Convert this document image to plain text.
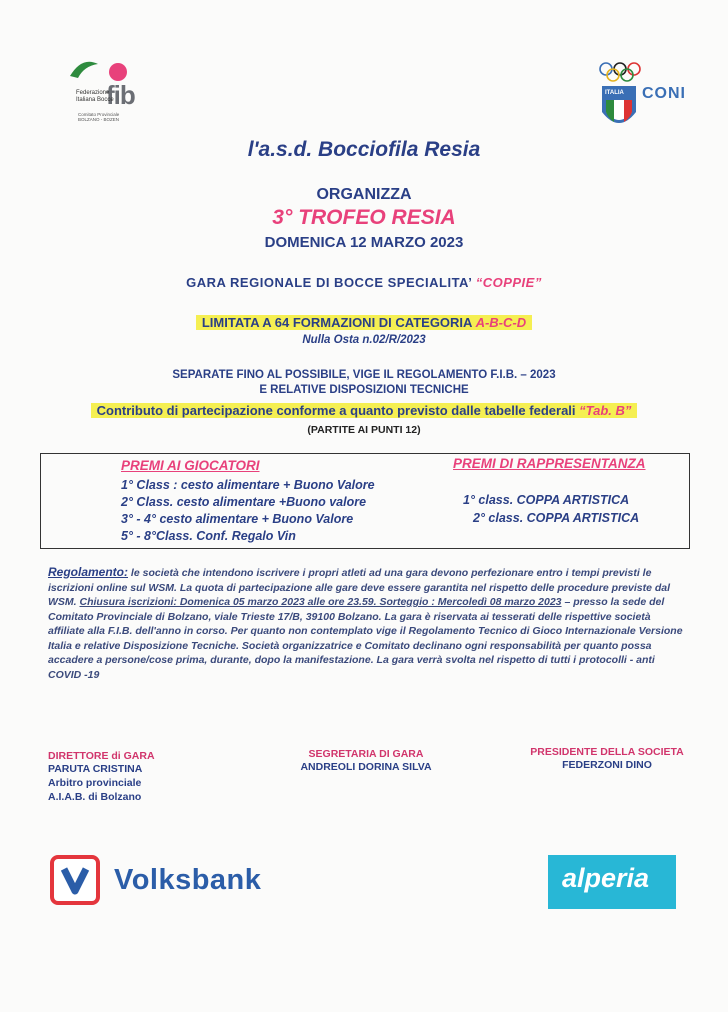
fib
Federazione
Italiana Bocce
Comitato Provinciale
BOLZANO - BOZEN
ITALIA CONI
l'a.s.d. Bocciofila Resia
ORGANIZZA
3° TROFEO RESIA
DOMENICA 12 MARZO 2023
GARA REGIONALE DI BOCCE SPECIALITA’ “COPPIE”
LIMITATA A 64 FORMAZIONI DI CATEGORIA A-B-C-D
Nulla Osta n.02/R/2023
SEPARATE FINO AL POSSIBILE, VIGE IL REGOLAMENTO F.I.B. – 2023
E RELATIVE DISPOSIZIONI TECNICHE
Contributo di partecipazione conforme a quanto previsto dalle tabelle federali “Tab. B”
(PARTITE AI PUNTI 12)
PREMI AI GIOCATORI
1° Class : cesto alimentare + Buono Valore
2° Class. cesto alimentare +Buono valore
3° - 4° cesto alimentare + Buono Valore
5° - 8°Class. Conf. Regalo Vin
PREMI DI RAPPRESENTANZA
1° class. COPPA ARTISTICA
2° class. COPPA ARTISTICA
Regolamento: le società che intendono iscrivere i propri atleti ad una gara devono perfezionare entro i tempi previsti le iscrizioni online sul WSM. La quota di partecipazione alle gare deve essere garantita nel rispetto delle procedure previste dal WSM. Chiusura iscrizioni: Domenica 05 marzo 2023 alle ore 23.59. Sorteggio : Mercoledì 08 marzo 2023 – presso la sede del Comitato Provinciale di Bolzano, viale Trieste 17/B, 39100 Bolzano. La gara è riservata ai tesserati delle rispettive società affiliate alla F.I.B. dell'anno in corso. Per quanto non contemplato vige il Regolamento Tecnico di Gioco Internazionale Versione Italia e relative Disposizione Tecniche. Società organizzatrice e Comitato declinano ogni responsabilità per quanto possa accadere a persone/cose prima, durante, dopo la manifestazione. La gara verrà svolta nel rispetto di tutti i protocolli - anti COVID -19
DIRETTORE di GARA
PARUTA CRISTINA
Arbitro provinciale
A.I.A.B. di Bolzano
SEGRETARIA DI GARA
ANDREOLI DORINA SILVA
PRESIDENTE DELLA SOCIETA
FEDERZONI DINO
Volksbank	alperia
